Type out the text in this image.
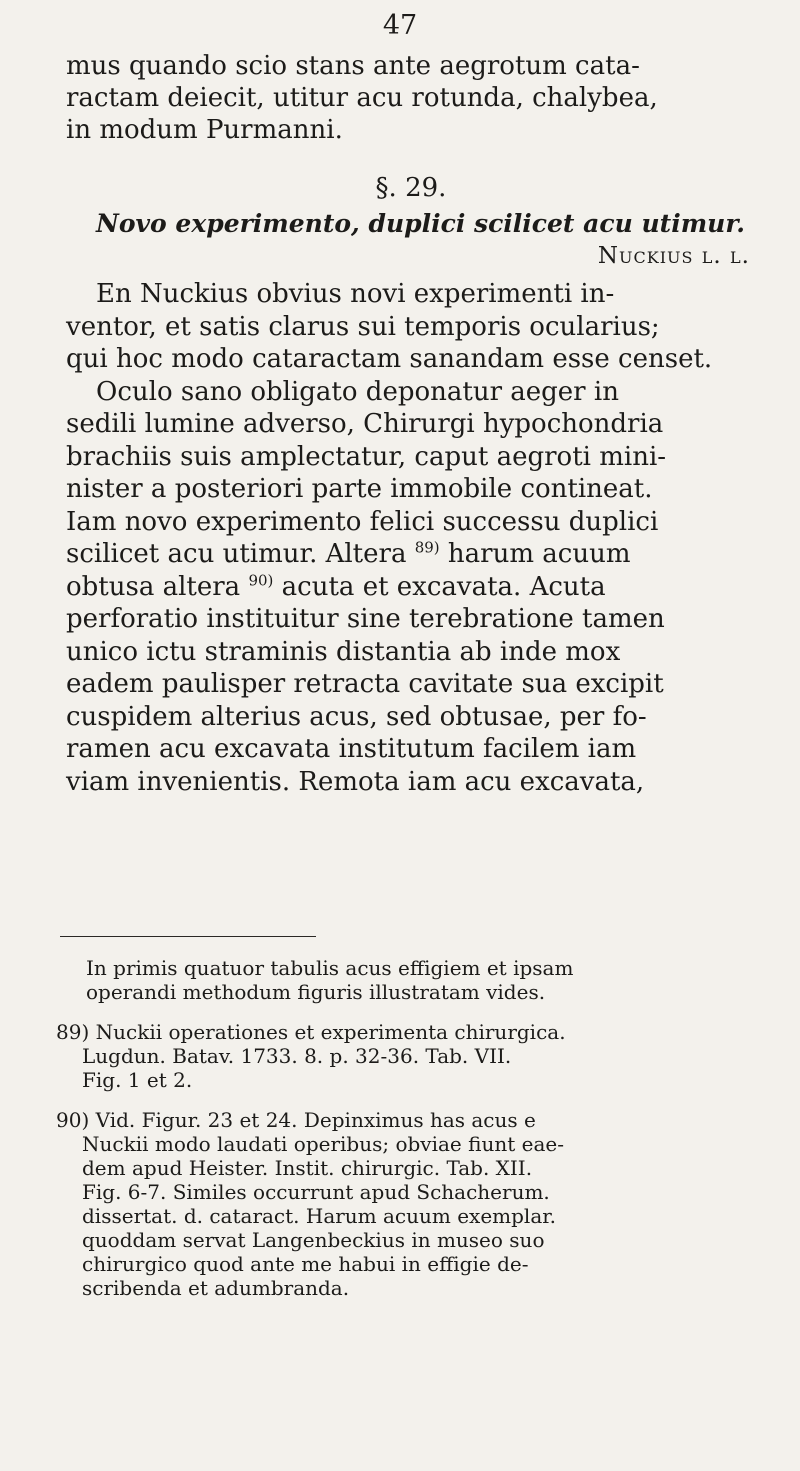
47
mus quando scio stans ante aegrotum cata-
ractam deiecit, utitur acu rotunda, chalybea,
in modum Purmanni.
§. 29.
Novo experimento, duplici scilicet acu utimur.
Nuckius l. l.
En Nuckius obvius novi experimenti in-
ventor, et satis clarus sui temporis ocularius;
qui hoc modo cataractam sanandam esse censet.
Oculo sano obligato deponatur aeger in
sedili lumine adverso, Chirurgi hypochondria
brachiis suis amplectatur, caput aegroti mini-
nister a posteriori parte immobile contineat.
Iam novo experimento felici successu duplici
scilicet acu utimur. Altera $^{89)}$ harum acuum
obtusa altera $^{90)}$ acuta et excavata. Acuta
perforatio instituitur sine terebratione tamen
unico ictu straminis distantia ab inde mox
eadem paulisper retracta cavitate sua excipit
cuspidem alterius acus, sed obtusae, per fo-
ramen acu excavata institutum facilem iam
viam invenientis. Remota iam acu excavata,
In primis quatuor tabulis acus effigiem et ipsam
operandi methodum figuris illustratam vides.
89) Nuckii operationes et experimenta chirurgica.
Lugdun. Batav. 1733. 8. p. 32-36. Tab. VII.
Fig. 1 et 2.
90) Vid. Figur. 23 et 24. Depinximus has acus e
Nuckii modo laudati operibus; obviae fiunt eae-
dem apud Heister. Instit. chirurgic. Tab. XII.
Fig. 6-7. Similes occurrunt apud Schacherum.
dissertat. d. cataract. Harum acuum exemplar.
quoddam servat Langenbeckius in museo suo
chirurgico quod ante me habui in effigie de-
scribenda et adumbranda.
